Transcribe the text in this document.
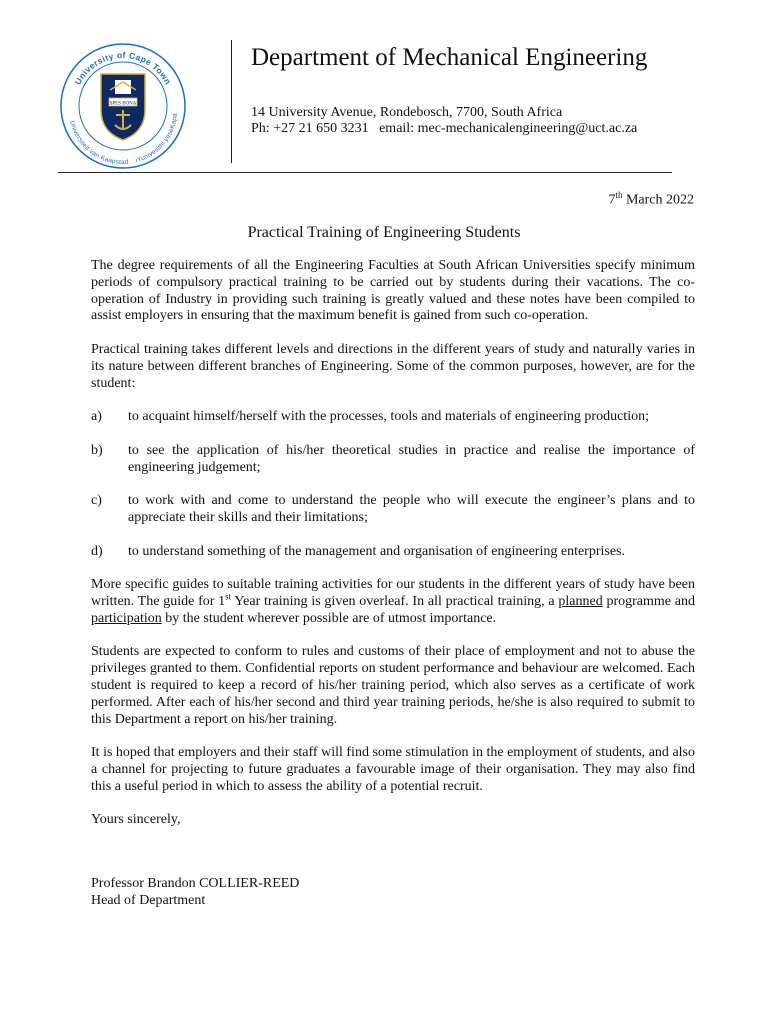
University of Cape Town
Universiteit van Kaapstad iYunivesithi yaseKapa
SPES BONA
Department of Mechanical Engineering
14 University Avenue, Rondebosch, 7700, South Africa
Ph: +27 21 650 3231 email: mec-mechanicalengineering@uct.ac.za
7th March 2022
Practical Training of Engineering Students

The degree requirements of all the Engineering Faculties at South African Universities specify minimum periods of compulsory practical training to be carried out by students during their vacations. The co-operation of Industry in providing such training is greatly valued and these notes have been compiled to assist employers in ensuring that the maximum benefit is gained from such co-operation.

Practical training takes different levels and directions in the different years of study and naturally varies in its nature between different branches of Engineering. Some of the common purposes, however, are for the student:

a)	to acquaint himself/herself with the processes, tools and materials of engineering production;
b)	to see the application of his/her theoretical studies in practice and realise the importance of engineering judgement;
c)	to work with and come to understand the people who will execute the engineer’s plans and to appreciate their skills and their limitations;
d)	to understand something of the management and organisation of engineering enterprises.

More specific guides to suitable training activities for our students in the different years of study have been written. The guide for 1st Year training is given overleaf. In all practical training, a planned programme and participation by the student wherever possible are of utmost importance.

Students are expected to conform to rules and customs of their place of employment and not to abuse the privileges granted to them. Confidential reports on student performance and behaviour are welcomed. Each student is required to keep a record of his/her training period, which also serves as a certificate of work performed. After each of his/her second and third year training periods, he/she is also required to submit to this Department a report on his/her training.

It is hoped that employers and their staff will find some stimulation in the employment of students, and also a channel for projecting to future graduates a favourable image of their organisation. They may also find this a useful period in which to assess the ability of a potential recruit.

Yours sincerely,

Professor Brandon COLLIER-REED
Head of Department
